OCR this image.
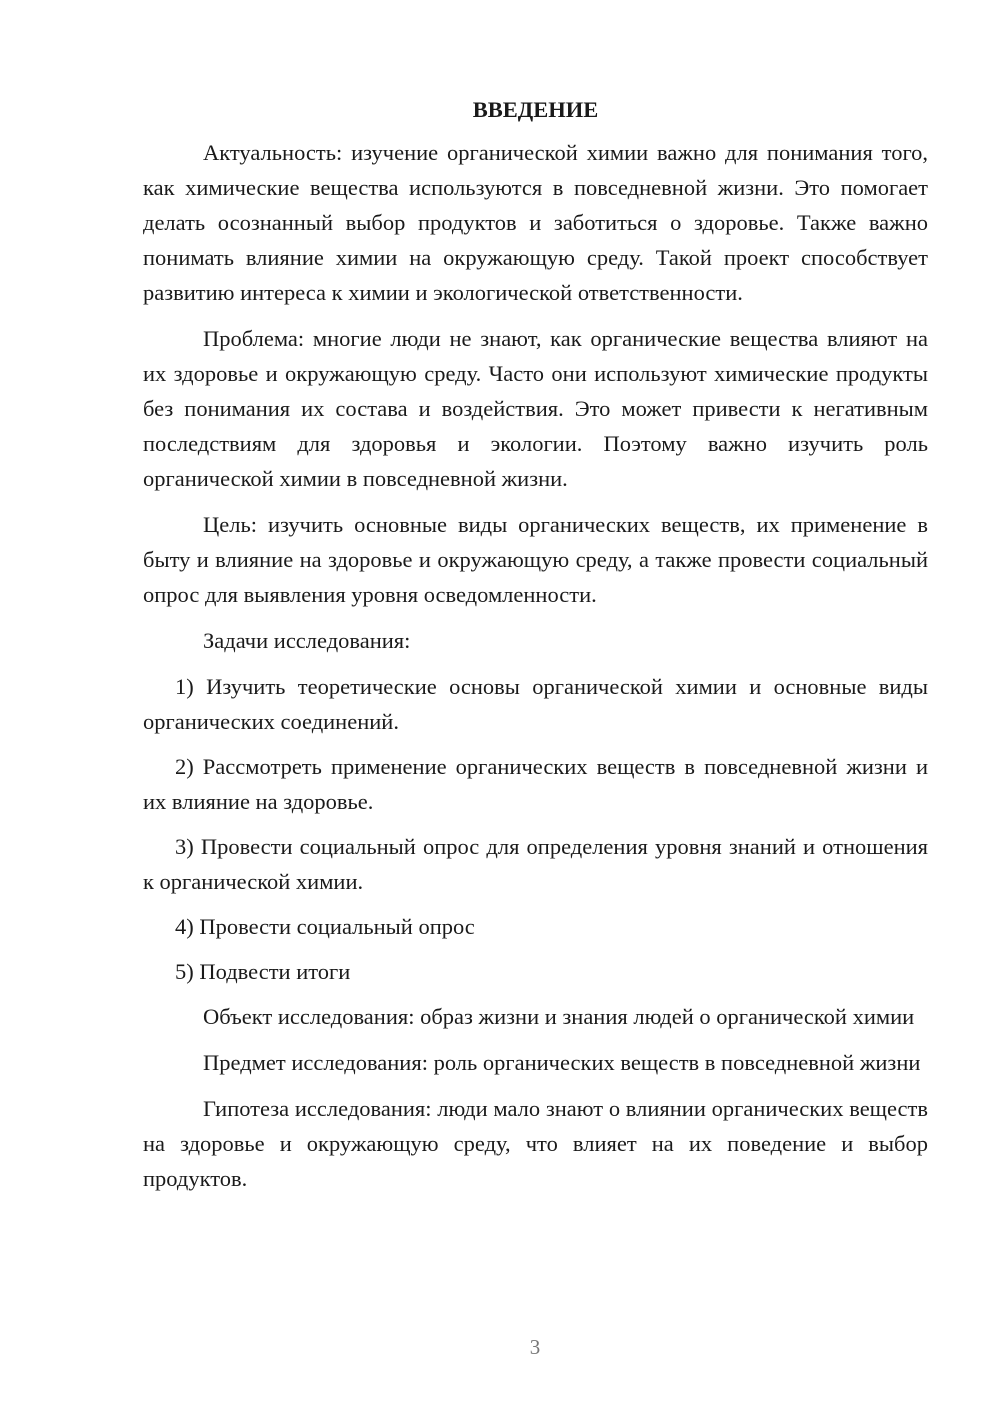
ВВЕДЕНИЕ

Актуальность: изучение органической химии важно для понимания того, как химические вещества используются в повседневной жизни. Это помогает делать осознанный выбор продуктов и заботиться о здоровье. Также важно понимать влияние химии на окружающую среду. Такой проект способствует развитию интереса к химии и экологической ответственности.

Проблема: многие люди не знают, как органические вещества влияют на их здоровье и окружающую среду. Часто они используют химические продукты без понимания их состава и воздействия. Это может привести к негативным последствиям для здоровья и экологии. Поэтому важно изучить роль органической химии в повседневной жизни.

Цель: изучить основные виды органических веществ, их применение в быту и влияние на здоровье и окружающую среду, а также провести социальный опрос для выявления уровня осведомленности.

Задачи исследования:

1) Изучить теоретические основы органической химии и основные виды органических соединений.

2) Рассмотреть применение органических веществ в повседневной жизни и их влияние на здоровье.

3) Провести социальный опрос для определения уровня знаний и отношения к органической химии.

4) Провести социальный опрос

5) Подвести итоги

Объект исследования: образ жизни и знания людей о органической химии

Предмет исследования: роль органических веществ в повседневной жизни

Гипотеза исследования: люди мало знают о влиянии органических веществ на здоровье и окружающую среду, что влияет на их поведение и выбор продуктов.

3
